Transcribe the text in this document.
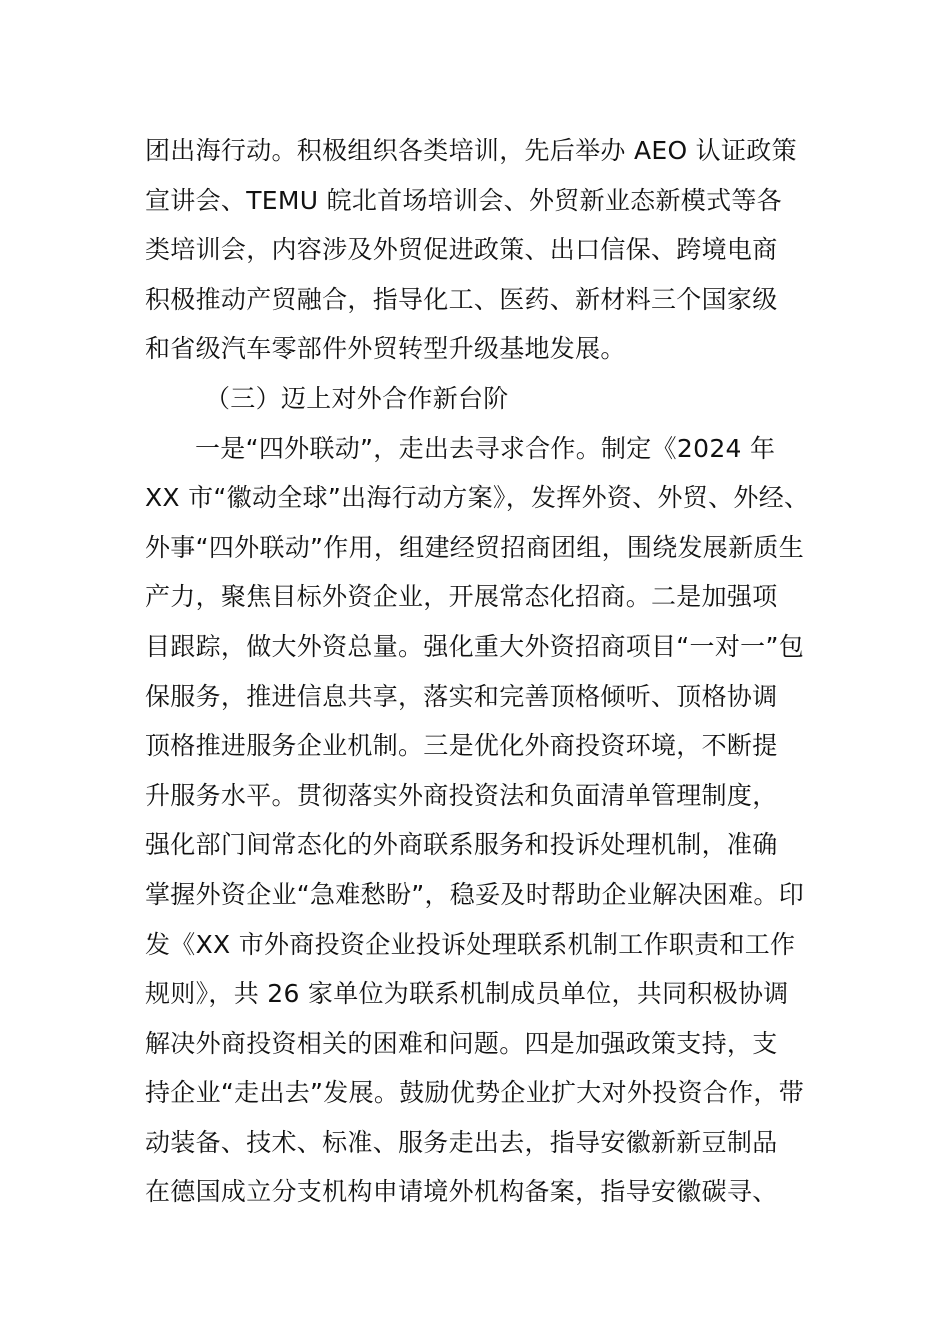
团出海行动。积极组织各类培训，先后举办 AEO 认证政策
宣讲会、TEMU 皖北首场培训会、外贸新业态新模式等各
类培训会，内容涉及外贸促进政策、出口信保、跨境电商
积极推动产贸融合，指导化工、医药、新材料三个国家级
和省级汽车零部件外贸转型升级基地发展。
（三）迈上对外合作新台阶
一是“四外联动”，走出去寻求合作。制定《2024 年
XX 市“徽动全球”出海行动方案》，发挥外资、外贸、外经、
外事“四外联动”作用，组建经贸招商团组，围绕发展新质生
产力，聚焦目标外资企业，开展常态化招商。二是加强项
目跟踪，做大外资总量。强化重大外资招商项目“一对一”包
保服务，推进信息共享，落实和完善顶格倾听、顶格协调
顶格推进服务企业机制。三是优化外商投资环境，不断提
升服务水平。贯彻落实外商投资法和负面清单管理制度，
强化部门间常态化的外商联系服务和投诉处理机制，准确
掌握外资企业“急难愁盼”，稳妥及时帮助企业解决困难。印
发《XX 市外商投资企业投诉处理联系机制工作职责和工作
规则》，共 26 家单位为联系机制成员单位，共同积极协调
解决外商投资相关的困难和问题。四是加强政策支持，支
持企业“走出去”发展。鼓励优势企业扩大对外投资合作，带
动装备、技术、标准、服务走出去，指导安徽新新豆制品
在德国成立分支机构申请境外机构备案，指导安徽碳寻、
